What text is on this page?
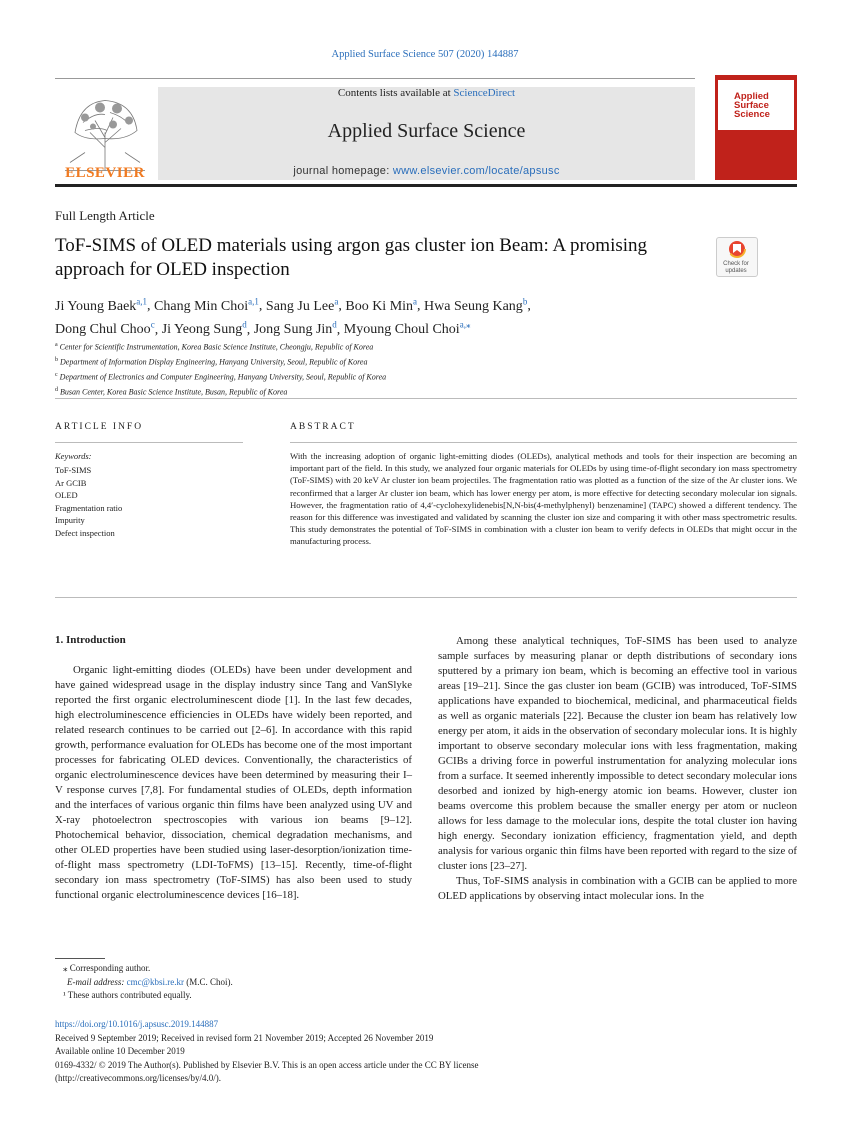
Applied Surface Science 507 (2020) 144887
ELSEVIER
Contents lists available at ScienceDirect
Applied Surface Science
journal homepage: www.elsevier.com/locate/apsusc
Applied Surface Science
Full Length Article
ToF-SIMS of OLED materials using argon gas cluster ion Beam: A promising approach for OLED inspection	Check for updates
Ji Young Baek$^{a,1}$, Chang Min Choi$^{a,1}$, Sang Ju Lee$^a$, Boo Ki Min$^a$, Hwa Seung Kang$^b$,
Dong Chul Choo$^c$, Ji Yeong Sung$^d$, Jong Sung Jin$^d$, Myoung Choul Choi$^{a,⁎}$
$^a$ Center for Scientific Instrumentation, Korea Basic Science Institute, Cheongju, Republic of Korea
$^b$ Department of Information Display Engineering, Hanyang University, Seoul, Republic of Korea
$^c$ Department of Electronics and Computer Engineering, Hanyang University, Seoul, Republic of Korea
$^d$ Busan Center, Korea Basic Science Institute, Busan, Republic of Korea
ARTICLE INFO
Keywords:
ToF-SIMS
Ar GCIB
OLED
Fragmentation ratio
Impurity
Defect inspection
ABSTRACT
With the increasing adoption of organic light-emitting diodes (OLEDs), analytical methods and tools for their inspection are becoming an important part of the field. In this study, we analyzed four organic materials for OLEDs by using time-of-flight secondary ion mass spectrometry (ToF-SIMS) with 20 keV Ar cluster ion beam projectiles. The fragmentation ratio was plotted as a function of the size of the Ar cluster ions. We reconfirmed that a larger Ar cluster ion beam, which has lower energy per atom, is more effective for detecting secondary molecular ion signals. However, the fragmentation ratio of 4,4′-cyclohexylidenebis[N,N-bis(4-methylphenyl) benzenamine] (TAPC) showed a different tendency. The reason for this difference was investigated and validated by scanning the cluster ion size and comparing it with other mass spectrometric results. This study demonstrates the potential of ToF-SIMS in combination with a cluster ion beam to verify defects in OLEDs that might occur in the manufacturing process.
1. Introduction

Organic light-emitting diodes (OLEDs) have been under development and have gained widespread usage in the display industry since Tang and VanSlyke reported the first organic electroluminescent diode [1]. In the last few decades, high electroluminescence efficiencies in OLEDs have widely been reported, and related research continues to be carried out [2–6]. In accordance with this rapid growth, performance evaluation for OLEDs has become one of the most important processes for fabricating OLED devices. Conventionally, the characteristics of organic electroluminescence devices have been determined by measuring their I–V response curves [7,8]. For fundamental studies of OLEDs, depth information and the interfaces of various organic thin films have been analyzed using UV and X-ray photoelectron spectroscopies with various ion beams [9–12]. Photochemical behavior, dissociation, chemical degradation mechanisms, and other OLED properties have been studied using laser-desorption/ionization time-of-flight mass spectrometry (LDI-ToFMS) [13–15]. Recently, time-of-flight secondary ion mass spectrometry (ToF-SIMS) has also been used to study functional organic electroluminescence devices [16–18].

Among these analytical techniques, ToF-SIMS has been used to analyze sample surfaces by measuring planar or depth distributions of secondary ions sputtered by a primary ion beam, which is becoming an effective tool in various areas [19–21]. Since the gas cluster ion beam (GCIB) was introduced, ToF-SIMS applications have expanded to biochemical, medicinal, and pharmaceutical fields as well as organic materials [22]. Because the cluster ion beam has relatively low energy per atom, it aids in the observation of secondary molecular ions. It is highly important to observe secondary molecular ions with less fragmentation, making GCIBs a driving force in powerful instrumentation for analyzing molecular ions from a surface. It seemed inherently impossible to detect secondary molecular ions desorbed and ionized by high-energy atomic ion beams. However, cluster ion beams overcome this problem because the smaller energy per atom or nucleon allows for less damage to the molecular ions, despite the total cluster ion having high energy. Secondary ionization efficiency, fragmentation yield, and depth analysis for various organic thin films have been reported with regard to the size of cluster ions [23–27].

Thus, ToF-SIMS analysis in combination with a GCIB can be applied to more OLED applications by observing intact molecular ions. In the

⁎ Corresponding author.
E-mail address: cmc@kbsi.re.kr (M.C. Choi).
¹ These authors contributed equally.
https://doi.org/10.1016/j.apsusc.2019.144887
Received 9 September 2019; Received in revised form 21 November 2019; Accepted 26 November 2019
Available online 10 December 2019
0169-4332/ © 2019 The Author(s). Published by Elsevier B.V. This is an open access article under the CC BY license (http://creativecommons.org/licenses/by/4.0/).
